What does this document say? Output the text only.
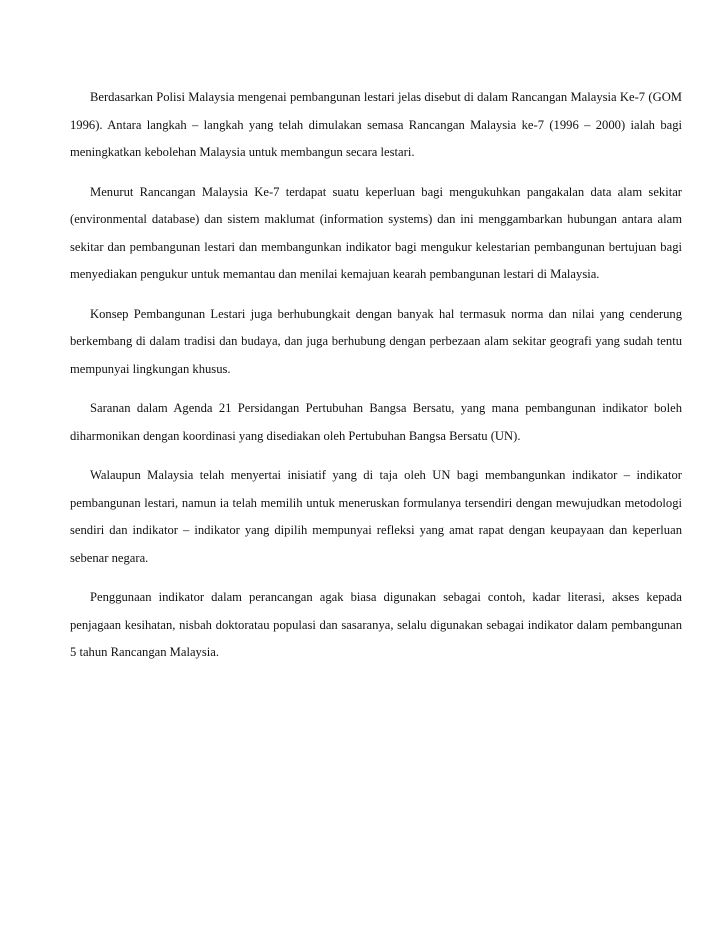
Berdasarkan Polisi Malaysia mengenai pembangunan lestari jelas disebut di dalam Rancangan Malaysia Ke-7 (GOM 1996). Antara langkah – langkah yang telah dimulakan semasa Rancangan Malaysia ke-7 (1996 – 2000) ialah bagi meningkatkan kebolehan Malaysia untuk membangun secara lestari.

Menurut Rancangan Malaysia Ke-7 terdapat suatu keperluan bagi mengukuhkan pangakalan data alam sekitar (environmental database) dan sistem maklumat (information systems) dan ini menggambarkan hubungan antara alam sekitar dan pembangunan lestari dan membangunkan indikator bagi mengukur kelestarian pembangunan bertujuan bagi menyediakan pengukur untuk memantau dan menilai kemajuan kearah pembangunan lestari di Malaysia.

Konsep Pembangunan Lestari juga berhubungkait dengan banyak hal termasuk norma dan nilai yang cenderung berkembang di dalam tradisi dan budaya, dan juga berhubung dengan perbezaan alam sekitar geografi yang sudah tentu mempunyai lingkungan khusus.

Saranan dalam Agenda 21 Persidangan Pertubuhan Bangsa Bersatu, yang mana pembangunan indikator boleh diharmonikan dengan koordinasi yang disediakan oleh Pertubuhan Bangsa Bersatu (UN).

Walaupun Malaysia telah menyertai inisiatif yang di taja oleh UN bagi membangunkan indikator – indikator pembangunan lestari, namun ia telah memilih untuk meneruskan formulanya tersendiri dengan mewujudkan metodologi sendiri dan indikator – indikator yang dipilih mempunyai refleksi yang amat rapat dengan keupayaan dan keperluan sebenar negara.

Penggunaan indikator dalam perancangan agak biasa digunakan sebagai contoh, kadar literasi, akses kepada penjagaan kesihatan, nisbah doktoratau populasi dan sasaranya, selalu digunakan sebagai indikator dalam pembangunan 5 tahun Rancangan Malaysia.
